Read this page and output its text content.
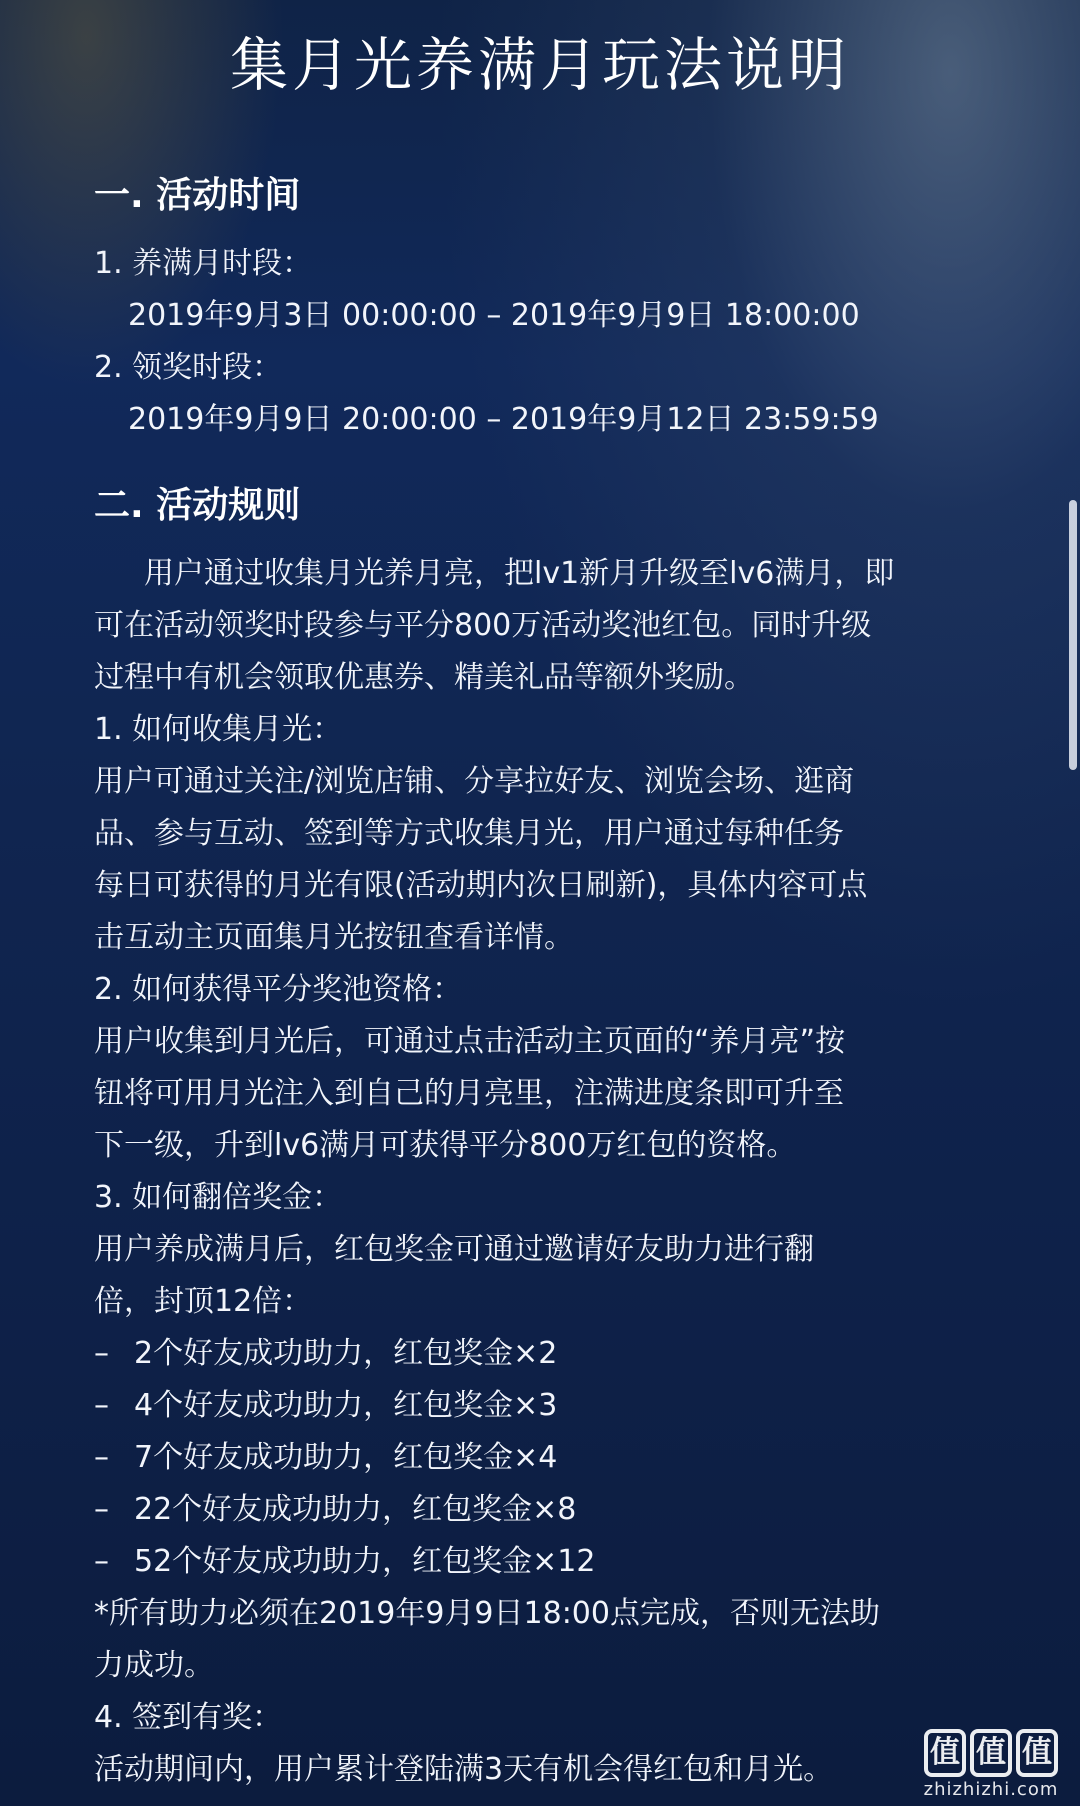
集月光养满月玩法说明
一. 活动时间
1. 养满月时段：
2019年9月3日 00:00:00 – 2019年9月9日 18:00:00
2. 领奖时段：
2019年9月9日 20:00:00 – 2019年9月12日 23:59:59
二. 活动规则
用户通过收集月光养月亮，把lv1新月升级至lv6满月，即
可在活动领奖时段参与平分800万活动奖池红包。同时升级
过程中有机会领取优惠券、精美礼品等额外奖励。
1. 如何收集月光：
用户可通过关注/浏览店铺、分享拉好友、浏览会场、逛商
品、参与互动、签到等方式收集月光，用户通过每种任务
每日可获得的月光有限(活动期内次日刷新)，具体内容可点
击互动主页面集月光按钮查看详情。
2. 如何获得平分奖池资格：
用户收集到月光后，可通过点击活动主页面的“养月亮”按
钮将可用月光注入到自己的月亮里，注满进度条即可升至
下一级，升到lv6满月可获得平分800万红包的资格。
3. 如何翻倍奖金：
用户养成满月后，红包奖金可通过邀请好友助力进行翻
倍，封顶12倍：
– 2个好友成功助力，红包奖金×2
– 4个好友成功助力，红包奖金×3
– 7个好友成功助力，红包奖金×4
– 22个好友成功助力，红包奖金×8
– 52个好友成功助力，红包奖金×12
*所有助力必须在2019年9月9日18:00点完成，否则无法助
力成功。
4. 签到有奖：
活动期间内，用户累计登陆满3天有机会得红包和月光。	值 值 值
zhizhizhi.com
